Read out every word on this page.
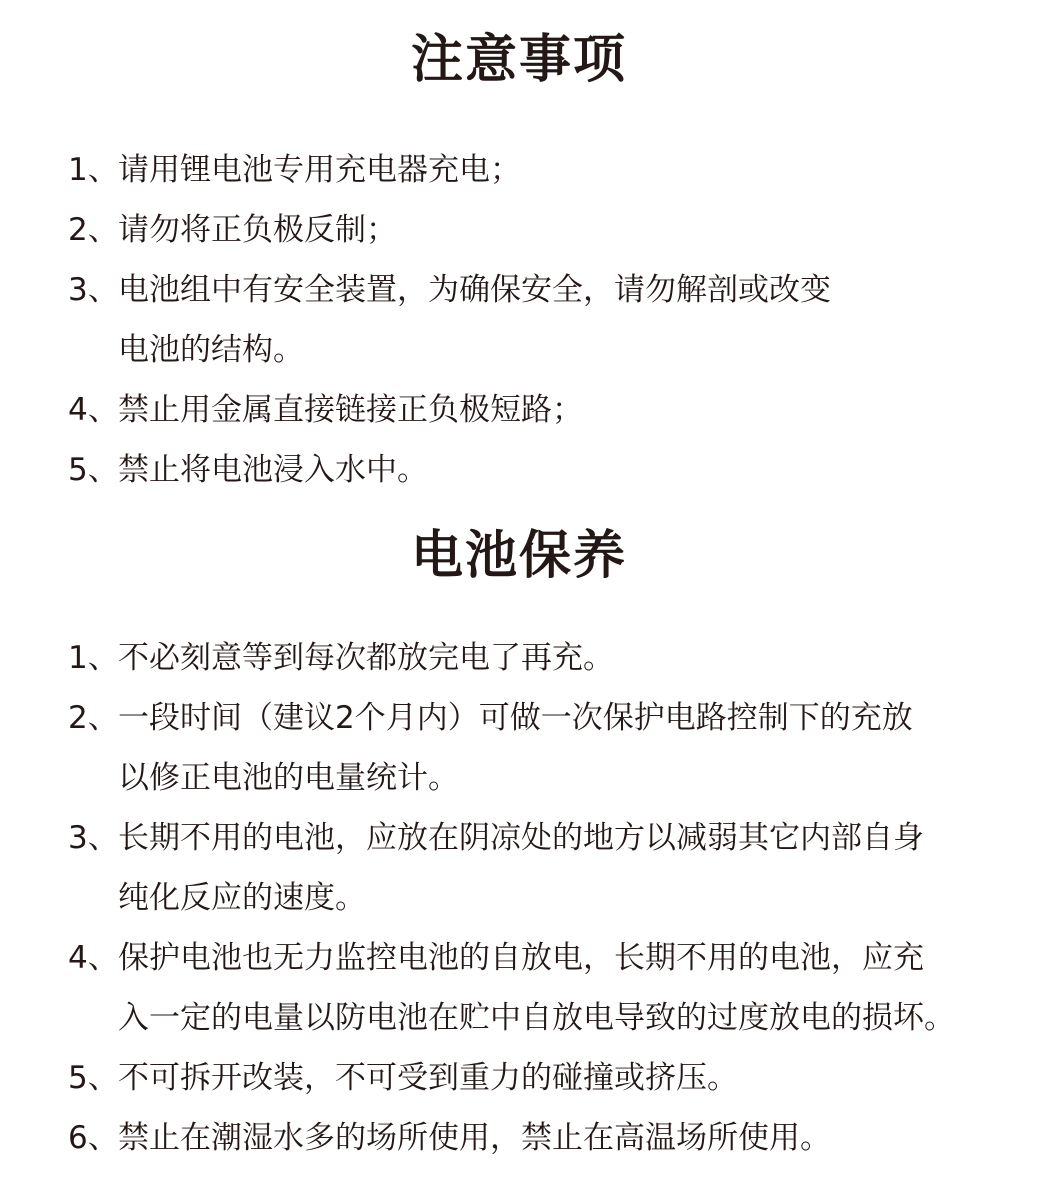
注意事项
1、 请用锂电池专用充电器充电；
2、 请勿将正负极反制；
3、 电池组中有安全装置，为确保安全，请勿解剖或改变
电池的结构。
4、 禁止用金属直接链接正负极短路；
5、 禁止将电池浸入水中。
电池保养
1、 不必刻意等到每次都放完电了再充。
2、 一段时间（建议2个月内）可做一次保护电路控制下的充放
以修正电池的电量统计。
3、 长期不用的电池，应放在阴凉处的地方以减弱其它内部自身
纯化反应的速度。
4、 保护电池也无力监控电池的自放电，长期不用的电池，应充
入一定的电量以防电池在贮中自放电导致的过度放电的损坏。
5、 不可拆开改装，不可受到重力的碰撞或挤压。
6、 禁止在潮湿水多的场所使用，禁止在高温场所使用。
